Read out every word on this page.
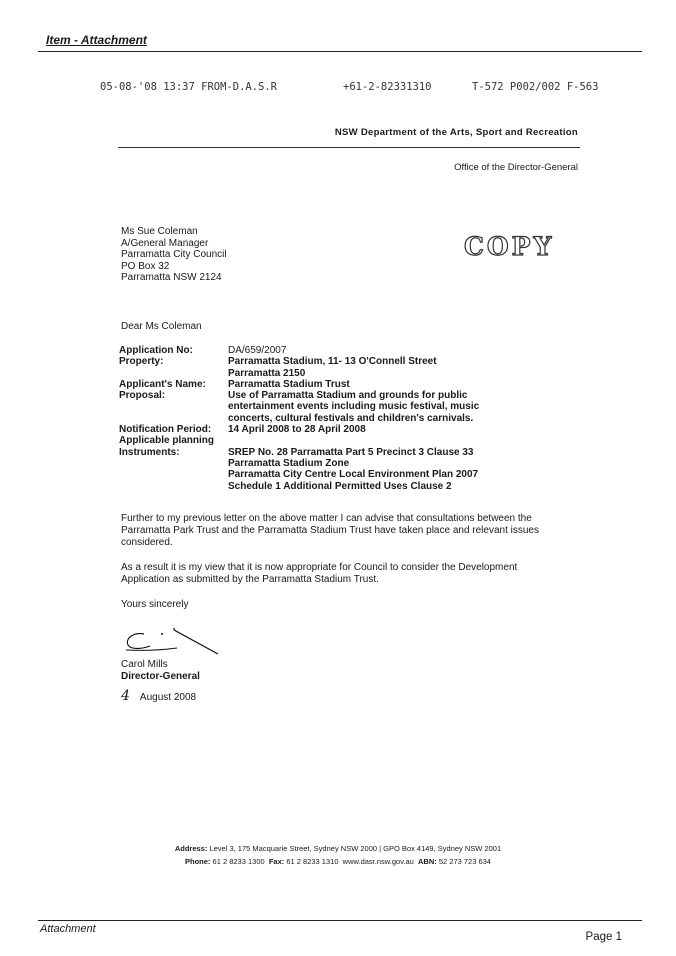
Item - Attachment
05-08-'08 13:37 FROM-D.A.S.R	+61-2-82331310	T-572 P002/002 F-563
NSW Department of the Arts, Sport and Recreation
Office of the Director-General
Ms Sue Coleman
A/General Manager
Parramatta City Council
PO Box 32
Parramatta NSW 2124
COPY
Dear Ms Coleman
Application No:	DA/659/2007
Property:	Parramatta Stadium, 11- 13 O'Connell Street
Parramatta 2150
Applicant's Name:	Parramatta Stadium Trust
Proposal:	Use of Parramatta Stadium and grounds for public
entertainment events including music festival, music
concerts, cultural festivals and children's carnivals.
Notification Period:	14 April 2008 to 28 April 2008
Applicable planning
Instruments:	
SREP No. 28 Parramatta Part 5 Precinct 3 Clause 33
Parramatta Stadium Zone
Parramatta City Centre Local Environment Plan 2007
Schedule 1 Additional Permitted Uses Clause 2
Further to my previous letter on the above matter I can advise that consultations between the
Parramatta Park Trust and the Parramatta Stadium Trust have taken place and relevant issues
considered.
As a result it is my view that it is now appropriate for Council to consider the Development
Application as submitted by the Parramatta Stadium Trust.
Yours sincerely
Carol Mills
Director-General
4 August 2008
Address: Level 3, 175 Macquarie Street, Sydney NSW 2000 | GPO Box 4149, Sydney NSW 2001
Phone: 61 2 8233 1300 Fax: 61 2 8233 1310 www.dasr.nsw.gov.au ABN: 52 273 723 634
Attachment
Page 1
